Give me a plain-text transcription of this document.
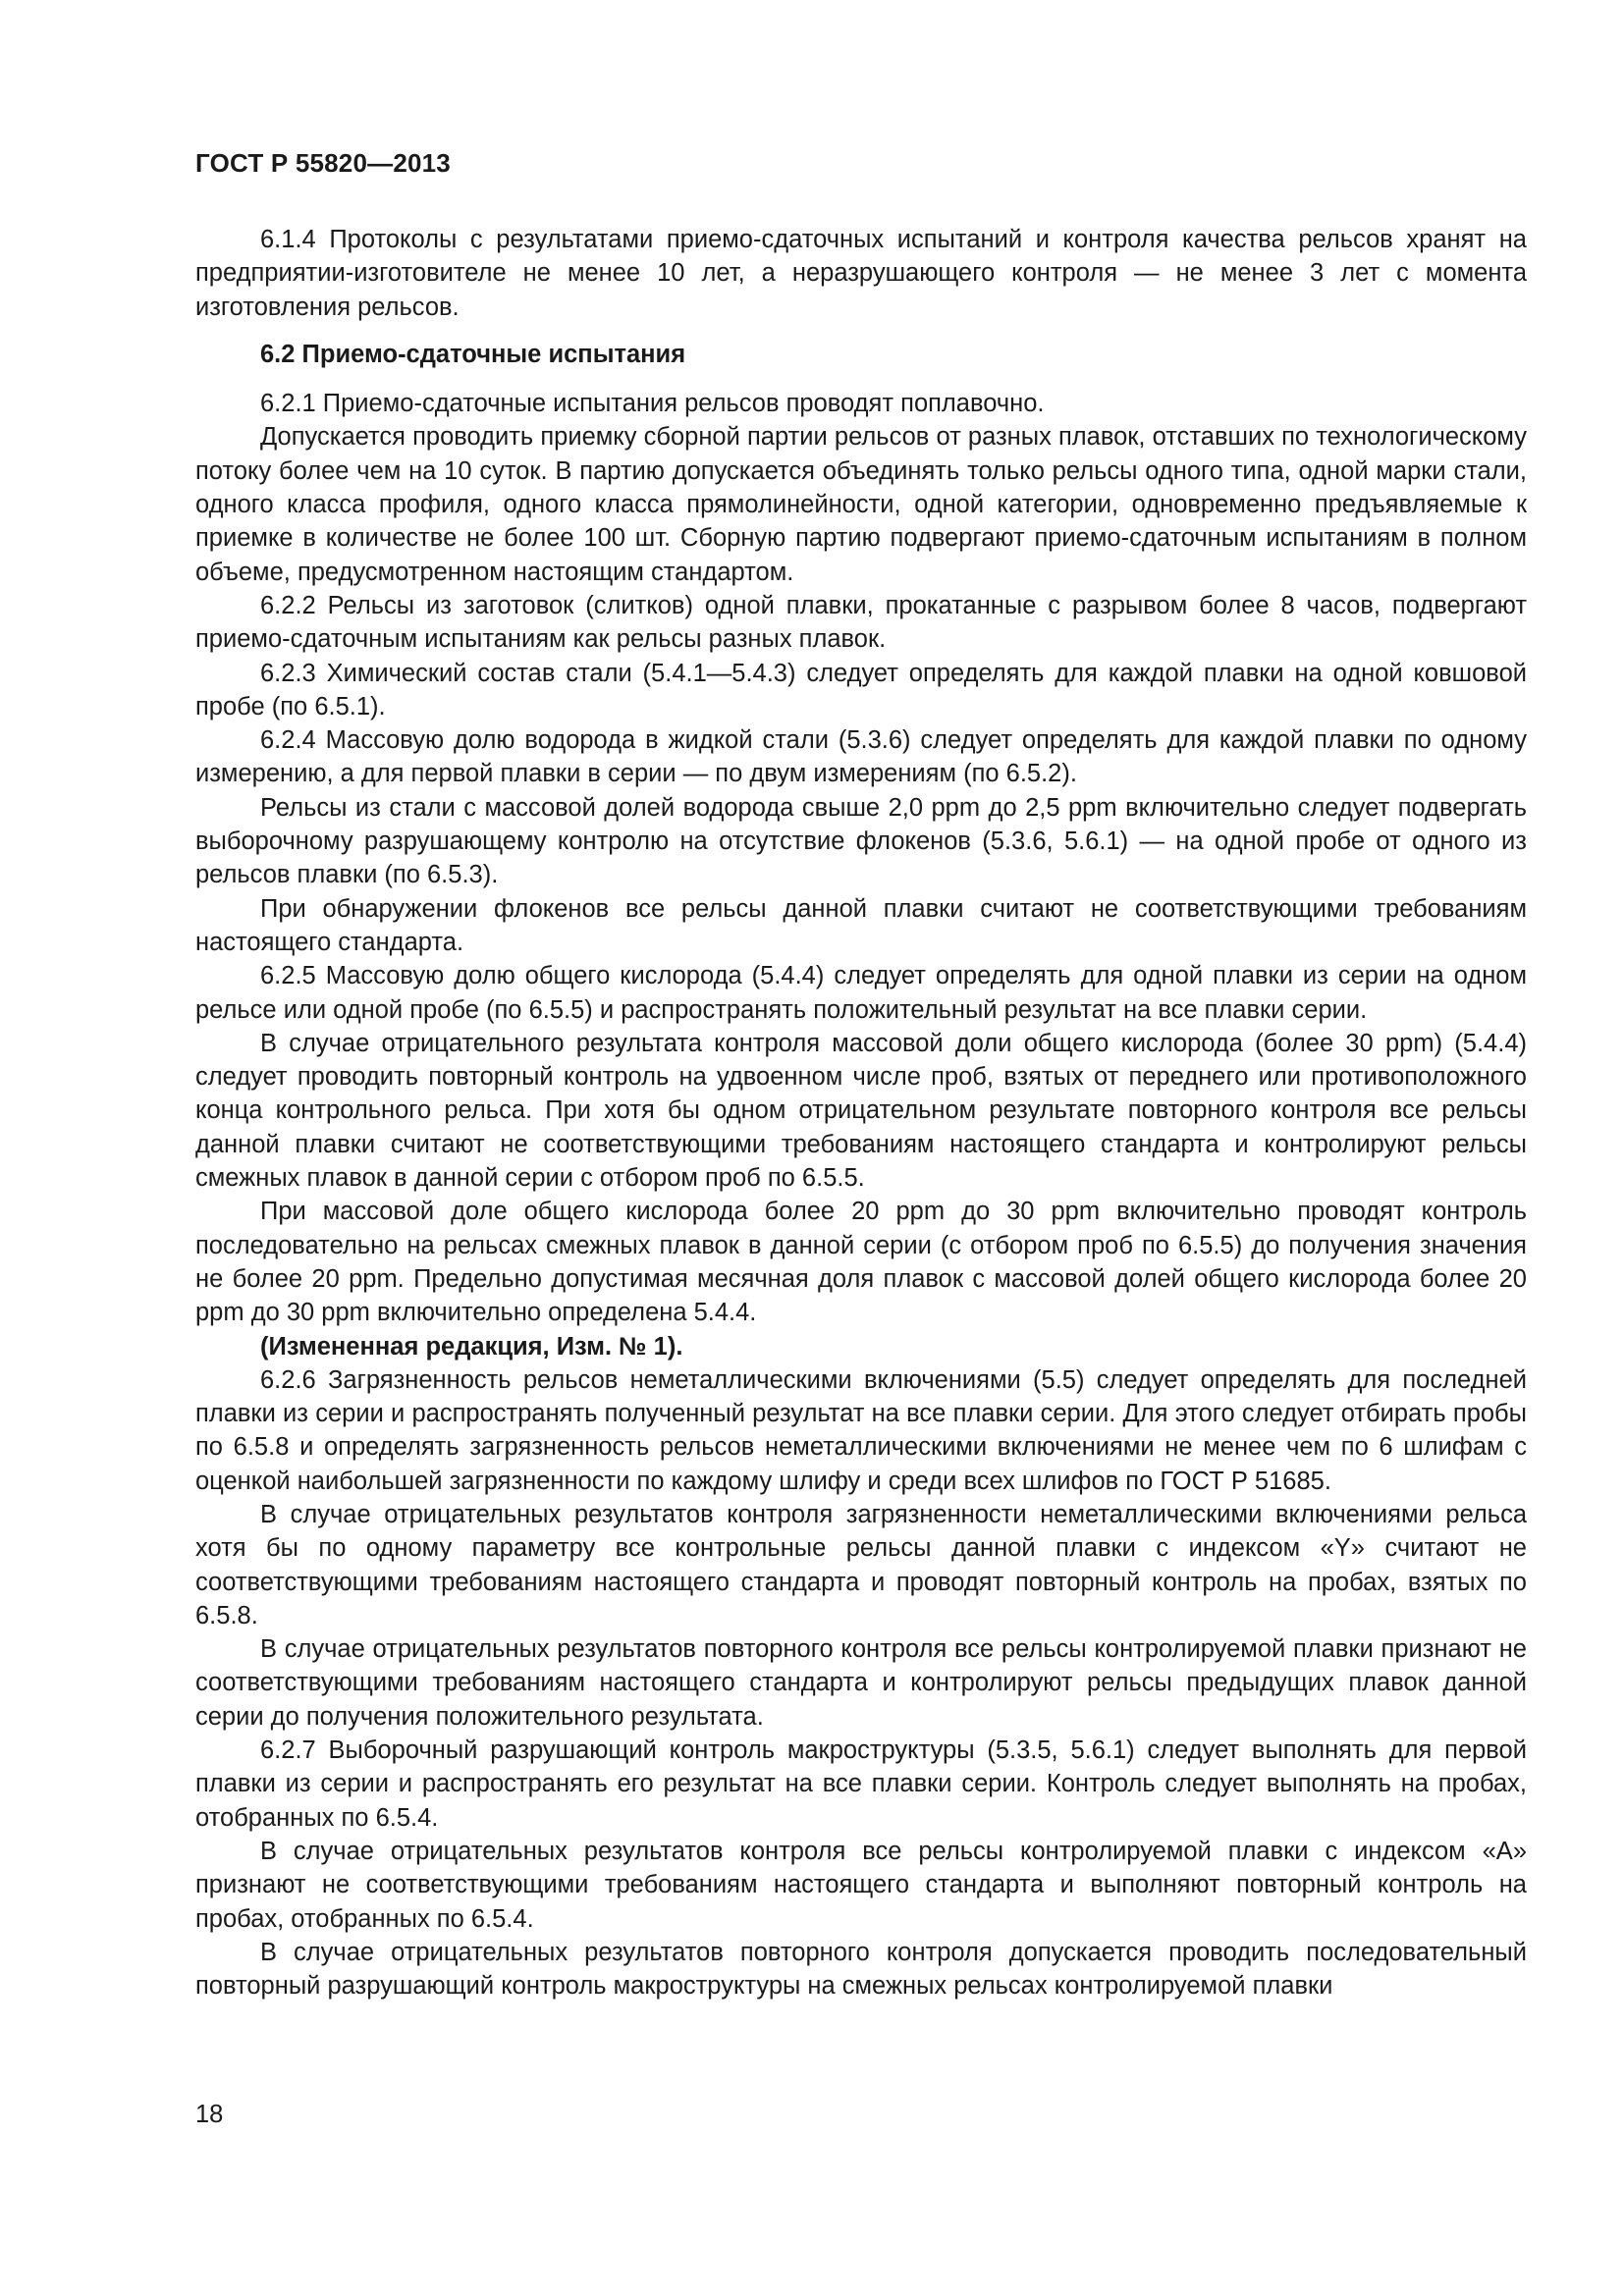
ГОСТ Р 55820—2013

6.1.4 Протоколы с результатами приемо-сдаточных испытаний и контроля качества рельсов хранят на предприятии-изготовителе не менее 10 лет, а неразрушающего контроля — не менее 3 лет с момента изготовления рельсов.

6.2 Приемо-сдаточные испытания

6.2.1 Приемо-сдаточные испытания рельсов проводят поплавочно.

Допускается проводить приемку сборной партии рельсов от разных плавок, отставших по технологическому потоку более чем на 10 суток. В партию допускается объединять только рельсы одного типа, одной марки стали, одного класса профиля, одного класса прямолинейности, одной категории, одновременно предъявляемые к приемке в количестве не более 100 шт. Сборную партию подвергают приемо-сдаточным испытаниям в полном объеме, предусмотренном настоящим стандартом.

6.2.2 Рельсы из заготовок (слитков) одной плавки, прокатанные с разрывом более 8 часов, подвергают приемо-сдаточным испытаниям как рельсы разных плавок.

6.2.3 Химический состав стали (5.4.1—5.4.3) следует определять для каждой плавки на одной ковшовой пробе (по 6.5.1).

6.2.4 Массовую долю водорода в жидкой стали (5.3.6) следует определять для каждой плавки по одному измерению, а для первой плавки в серии — по двум измерениям (по 6.5.2).

Рельсы из стали с массовой долей водорода свыше 2,0 ppm до 2,5 ppm включительно следует подвергать выборочному разрушающему контролю на отсутствие флокенов (5.3.6, 5.6.1) — на одной пробе от одного из рельсов плавки (по 6.5.3).

При обнаружении флокенов все рельсы данной плавки считают не соответствующими требованиям настоящего стандарта.

6.2.5 Массовую долю общего кислорода (5.4.4) следует определять для одной плавки из серии на одном рельсе или одной пробе (по 6.5.5) и распространять положительный результат на все плавки серии.

В случае отрицательного результата контроля массовой доли общего кислорода (более 30 ppm) (5.4.4) следует проводить повторный контроль на удвоенном числе проб, взятых от переднего или противоположного конца контрольного рельса. При хотя бы одном отрицательном результате повторного контроля все рельсы данной плавки считают не соответствующими требованиям настоящего стандарта и контролируют рельсы смежных плавок в данной серии с отбором проб по 6.5.5.

При массовой доле общего кислорода более 20 ppm до 30 ppm включительно проводят контроль последовательно на рельсах смежных плавок в данной серии (с отбором проб по 6.5.5) до получения значения не более 20 ppm. Предельно допустимая месячная доля плавок с массовой долей общего кислорода более 20 ppm до 30 ppm включительно определена 5.4.4.

(Измененная редакция, Изм. № 1).

6.2.6 Загрязненность рельсов неметаллическими включениями (5.5) следует определять для последней плавки из серии и распространять полученный результат на все плавки серии. Для этого следует отбирать пробы по 6.5.8 и определять загрязненность рельсов неметаллическими включениями не менее чем по 6 шлифам с оценкой наибольшей загрязненности по каждому шлифу и среди всех шлифов по ГОСТ Р 51685.

В случае отрицательных результатов контроля загрязненности неметаллическими включениями рельса хотя бы по одному параметру все контрольные рельсы данной плавки с индексом «Y» считают не соответствующими требованиям настоящего стандарта и проводят повторный контроль на пробах, взятых по 6.5.8.

В случае отрицательных результатов повторного контроля все рельсы контролируемой плавки признают не соответствующими требованиям настоящего стандарта и контролируют рельсы предыдущих плавок данной серии до получения положительного результата.

6.2.7 Выборочный разрушающий контроль макроструктуры (5.3.5, 5.6.1) следует выполнять для первой плавки из серии и распространять его результат на все плавки серии. Контроль следует выполнять на пробах, отобранных по 6.5.4.

В случае отрицательных результатов контроля все рельсы контролируемой плавки с индексом «А» признают не соответствующими требованиям настоящего стандарта и выполняют повторный контроль на пробах, отобранных по 6.5.4.

В случае отрицательных результатов повторного контроля допускается проводить последовательный повторный разрушающий контроль макроструктуры на смежных рельсах контролируемой плавки

18
